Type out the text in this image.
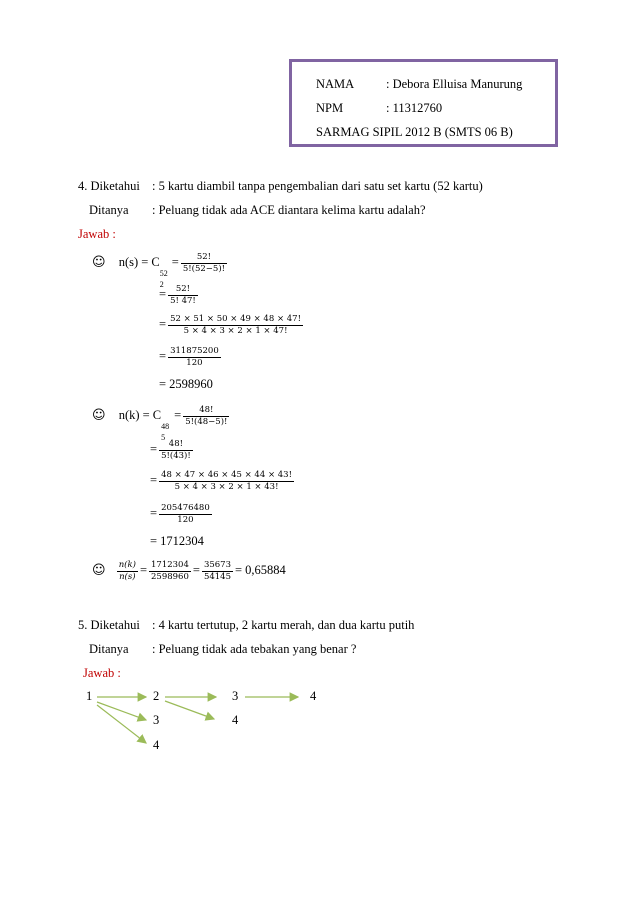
NAMA	: Debora Elluisa Manurung
NPM	: 11312760
SARMAG SIPIL 2012 B (SMTS 06 B)
4. Diketahui : 5 kartu diambil tanpa pengembalian dari satu set kartu (52 kartu)
Ditanya : Peluang tidak ada ACE diantara kelima kartu adalah?
Jawab :
☺ n(s) = C
52
2
= $\frac{52!}{5!(52-5)!}$
= $\frac{52!}{5! 47!}$
= $\frac{52 \times 51 \times 50 \times 49 \times 48 \times 47!}{5 \times 4 \times 3 \times 2 \times 1 \times 47!}$
= $\frac{311875200}{120}$
= 2598960
☺ n(k) = C
48
5
= $\frac{48!}{5!(48-5)!}$
= $\frac{48!}{5!(43)!}$
= $\frac{48 \times 47 \times 46 \times 45 \times 44 \times 43!}{5 \times 4 \times 3 \times 2 \times 1 \times 43!}$
= $\frac{205476480}{120}$
= 1712304
☺ $\frac{n(k)}{n(s)} = \frac{1712304}{2598960} = \frac{35673}{54145} = 0,65884$
5. Diketahui : 4 kartu tertutup, 2 kartu merah, dan dua kartu putih
Ditanya : Peluang tidak ada tebakan yang benar ?
Jawab :
1	2	3	4
3	4
4
